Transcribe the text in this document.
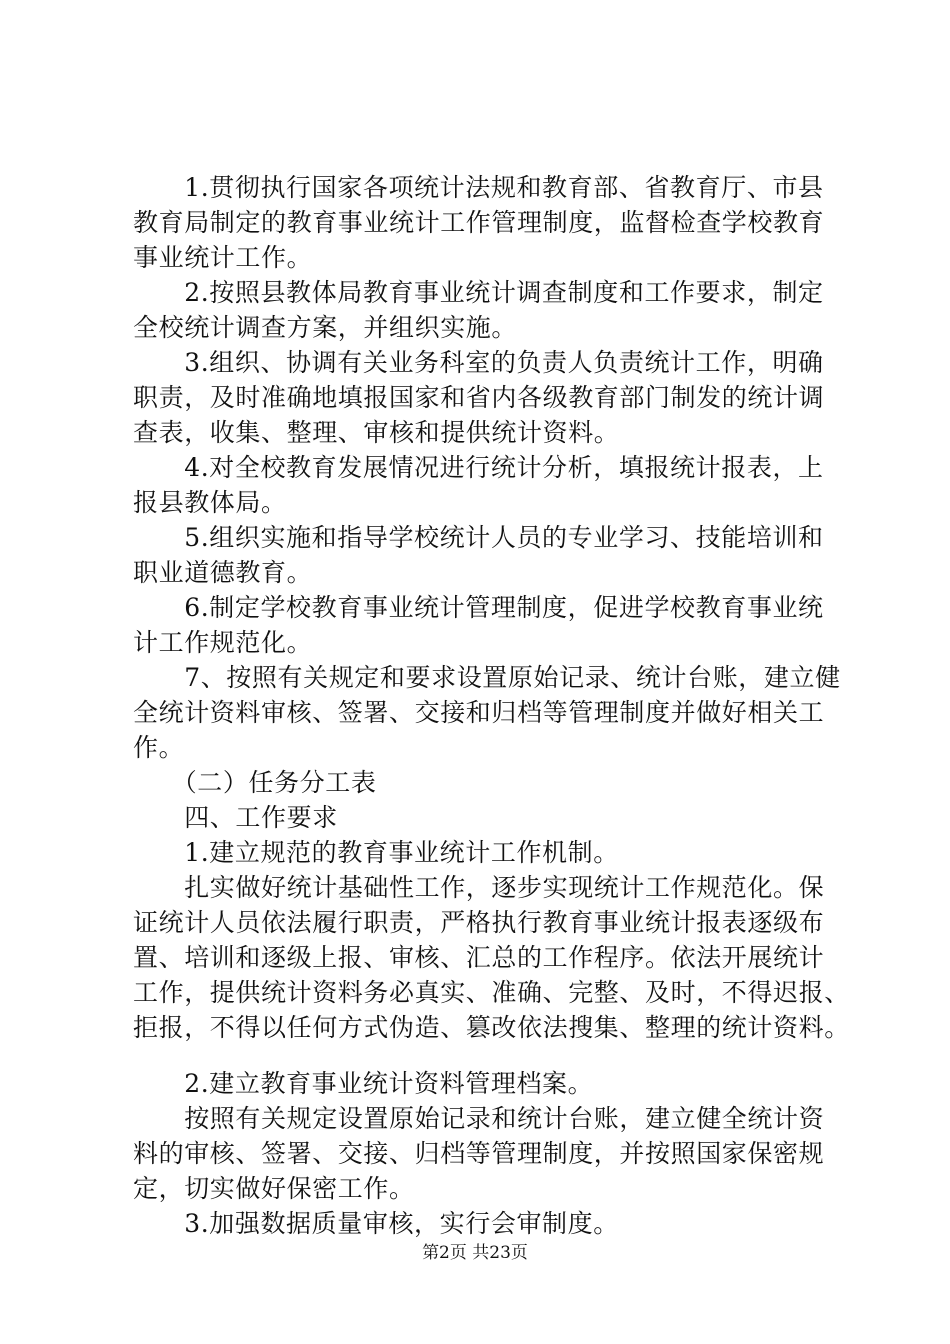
　　1.贯彻执行国家各项统计法规和教育部、省教育厅、市县
教育局制定的教育事业统计工作管理制度，监督检查学校教育
事业统计工作。
　　2.按照县教体局教育事业统计调查制度和工作要求，制定
全校统计调查方案，并组织实施。
　　3.组织、协调有关业务科室的负责人负责统计工作，明确
职责，及时准确地填报国家和省内各级教育部门制发的统计调
查表，收集、整理、审核和提供统计资料。
　　4.对全校教育发展情况进行统计分析，填报统计报表，上
报县教体局。
　　5.组织实施和指导学校统计人员的专业学习、技能培训和
职业道德教育。
　　6.制定学校教育事业统计管理制度，促进学校教育事业统
计工作规范化。
　　7、按照有关规定和要求设置原始记录、统计台账，建立健
全统计资料审核、签署、交接和归档等管理制度并做好相关工
作。
　　（二）任务分工表
　　四、工作要求
　　1.建立规范的教育事业统计工作机制。
　　扎实做好统计基础性工作，逐步实现统计工作规范化。保
证统计人员依法履行职责，严格执行教育事业统计报表逐级布
置、培训和逐级上报、审核、汇总的工作程序。依法开展统计
工作，提供统计资料务必真实、准确、完整、及时，不得迟报、
拒报，不得以任何方式伪造、篡改依法搜集、整理的统计资料。
　　2.建立教育事业统计资料管理档案。
　　按照有关规定设置原始记录和统计台账，建立健全统计资
料的审核、签署、交接、归档等管理制度，并按照国家保密规
定，切实做好保密工作。
　　3.加强数据质量审核，实行会审制度。
第2页 共23页
